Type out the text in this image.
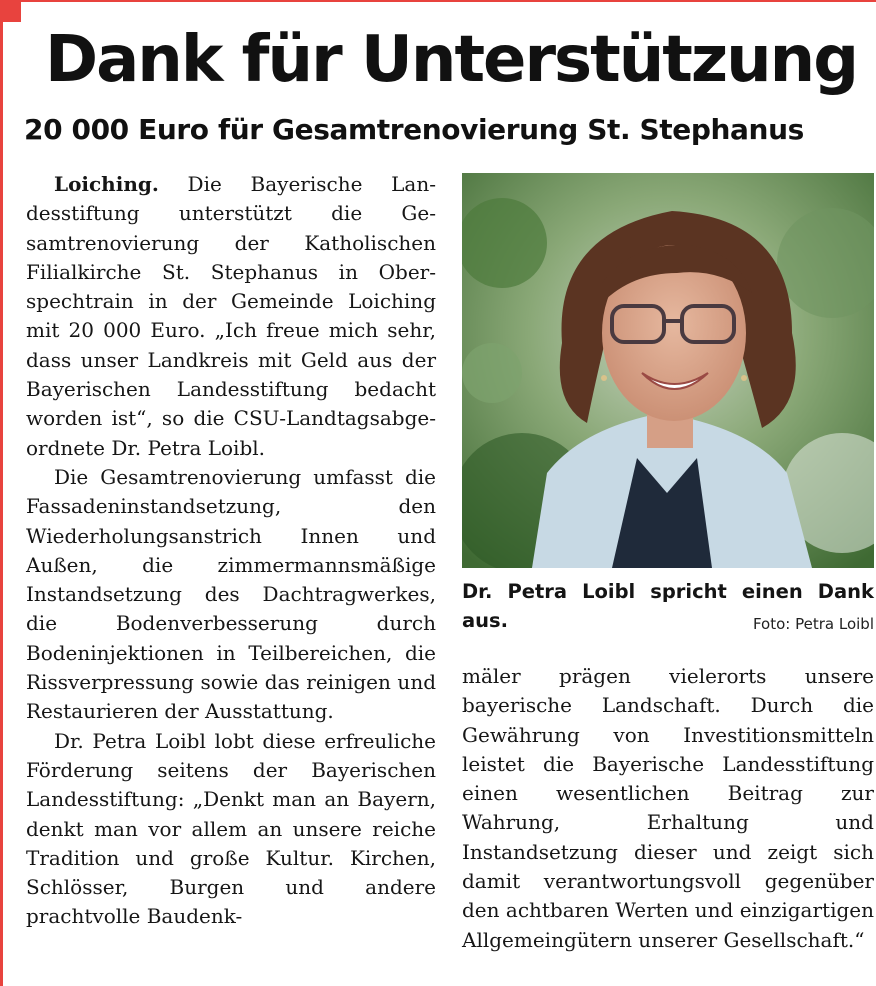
Dank für Unterstützung
20 000 Euro für Gesamtrenovierung St. Stephanus

Loiching. Die Bayerische Landesstiftung unterstützt die Gesamtrenovierung der Katholischen Filialkirche St. Stephanus in Oberspechtrain in der Gemeinde Loiching mit 20 000 Euro. „Ich freue mich sehr, dass unser Landkreis mit Geld aus der Bayerischen Landesstiftung bedacht worden ist“, so die CSU-Landtagsabgeordnete Dr. Petra Loibl.

Die Gesamtrenovierung umfasst die Fassadeninstandsetzung, den Wiederholungsanstrich Innen und Außen, die zimmermannsmäßige Instandsetzung des Dachtragwerkes, die Bodenverbesserung durch Bodeninjektionen in Teilbereichen, die Rissverpressung sowie das reinigen und Restaurieren der Ausstattung.

Dr. Petra Loibl lobt diese erfreuliche Förderung seitens der Bayerischen Landesstiftung: „Denkt man an Bayern, denkt man vor allem an unsere reiche Tradition und große Kultur. Kirchen, Schlösser, Burgen und andere prachtvolle Baudenk-

Dr. Petra Loibl spricht einen Dank aus.	Foto: Petra Loibl

mäler prägen vielerorts unsere bayerische Landschaft. Durch die Gewährung von Investitionsmitteln leistet die Bayerische Landesstiftung einen wesentlichen Beitrag zur Wahrung, Erhaltung und Instandsetzung dieser und zeigt sich damit verantwortungsvoll gegenüber den achtbaren Werten und einzigartigen Allgemeingütern unserer Gesellschaft.“
